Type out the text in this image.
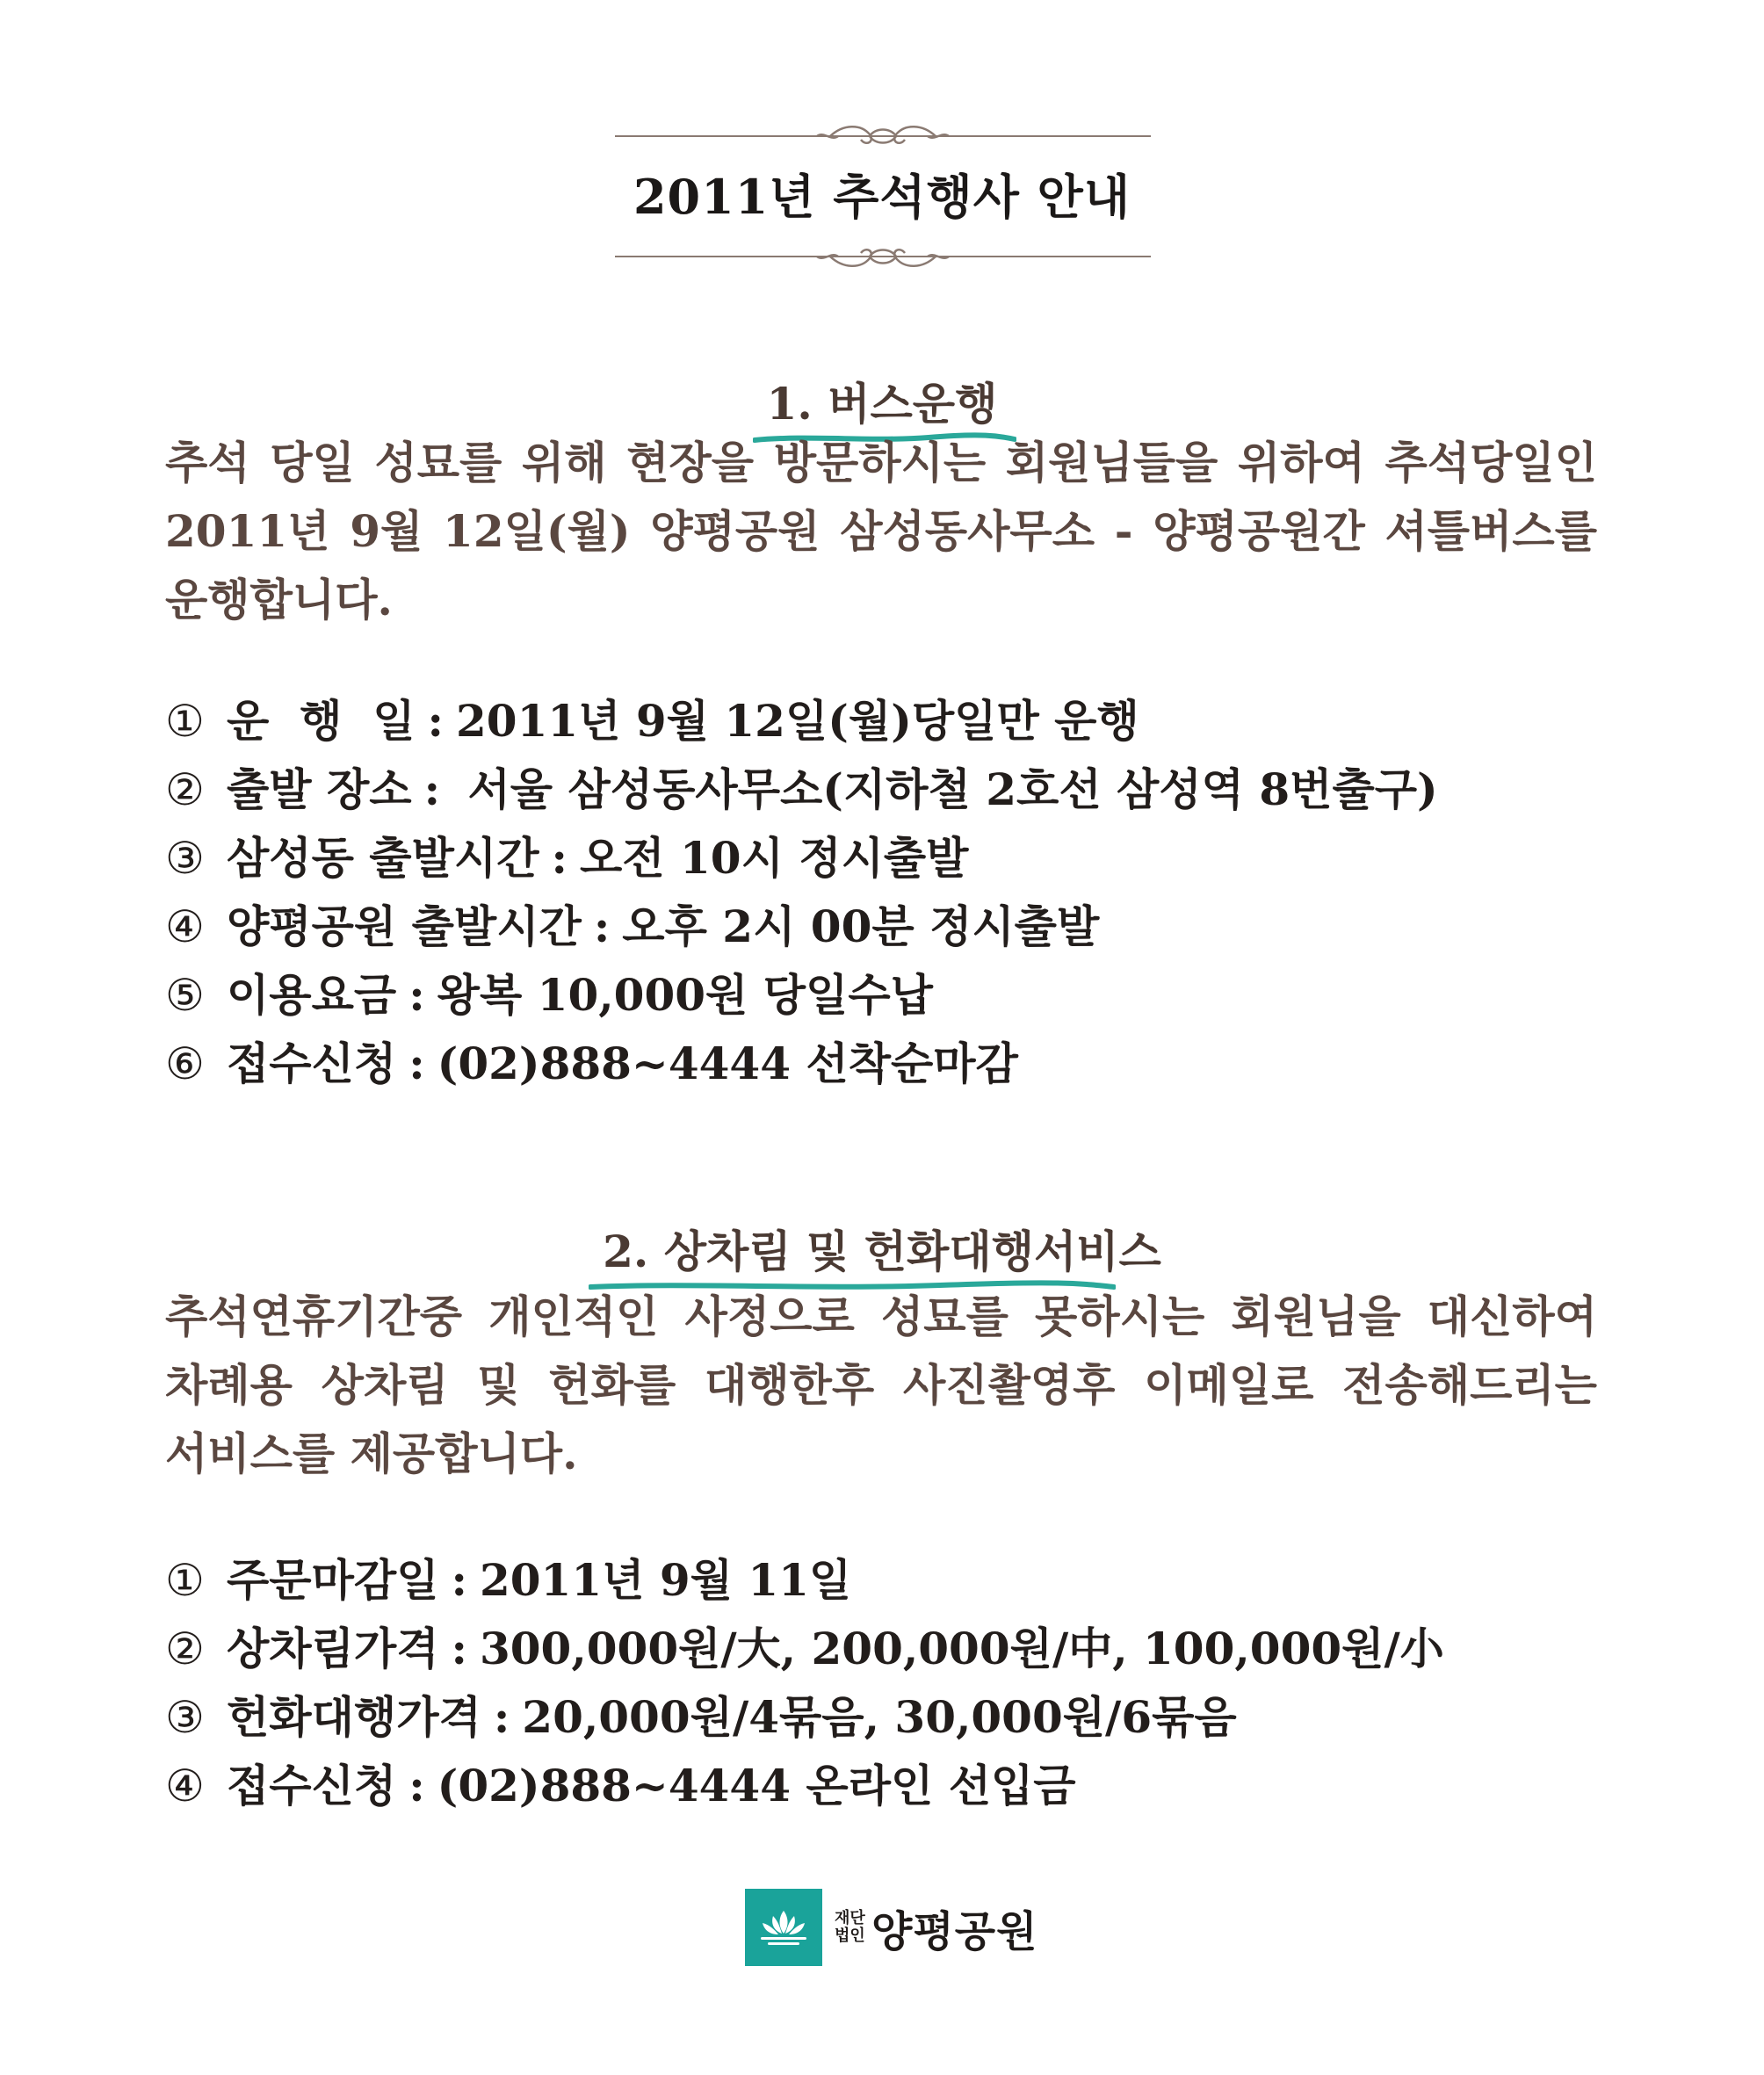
2011년 추석행사 안내
1. 버스운행
추석 당일 성묘를 위해 현장을 방문하시는 회원님들을 위하여 추석당일인
2011년 9월 12일(월) 양평공원 삼성동사무소 - 양평공원간 셔틀버스를
운행합니다.
① 운  행  일 : 2011년 9월 12일(월)당일만 운행
② 출발 장소 : 서울 삼성동사무소(지하철 2호선 삼성역 8번출구)
③ 삼성동 출발시간 : 오전 10시 정시출발
④ 양평공원 출발시간 : 오후 2시 00분 정시출발
⑤ 이용요금 : 왕복 10,000원 당일수납
⑥ 접수신청 : (02)888~4444 선착순마감
2. 상차림 및 헌화대행서비스
추석연휴기간중 개인적인 사정으로 성묘를 못하시는 회원님을 대신하여
차례용 상차림 및 헌화를 대행한후 사진촬영후 이메일로 전송해드리는
서비스를 제공합니다.
① 주문마감일 : 2011년 9월 11일
② 상차림가격 : 300,000원/大, 200,000원/中, 100,000원/小
③ 헌화대행가격 : 20,000원/4묶음, 30,000원/6묶음
④ 접수신청 : (02)888~4444 온라인 선입금
재단법인 양평공원
